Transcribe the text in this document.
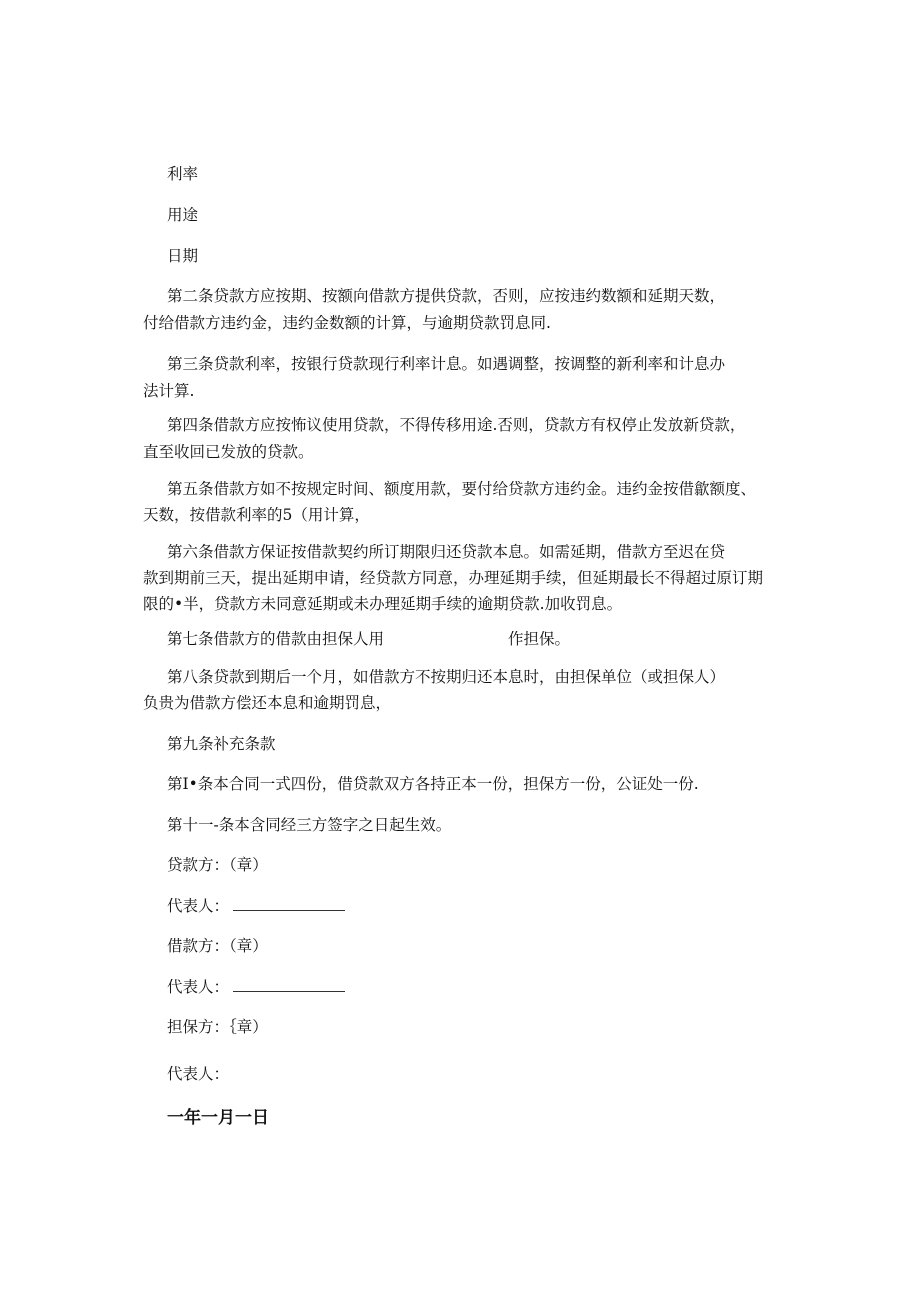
利率
用途
日期
第二条贷款方应按期、按额向借款方提供贷款，否则，应按违约数额和延期天数，
付给借款方违约金，违约金数额的计算，与逾期贷款罚息同.
第三条贷款利率，按银行贷款现行利率计息。如遇调整，按调整的新利率和计息办
法计算.
第四条借款方应按怖议使用贷款，不得传移用途.否则，贷款方有权停止发放新贷款，
直至收回已发放的贷款。
第五条借款方如不按规定时间、额度用款，要付给贷款方违约金。违约金按借歙额度、
天数，按借款利率的5（用计算，
第六条借款方保证按借款契约所订期限归还贷款本息。如需延期，借款方至迟在贷
款到期前三天，提出延期申请，经贷款方同意，办理延期手续，但延期最长不得超过原订期
限的•半，贷款方未同意延期或未办理延期手续的逾期贷款.加收罚息。
第七条借款方的借款由担保人用	作担保。
第八条贷款到期后一个月，如借款方不按期归还本息时，由担保单位（或担保人）
负贵为借款方偿还本息和逾期罚息，
第九条补充条款
第I•条本合同一式四份，借贷款双方各持正本一份，担保方一份，公证处一份.
第十一-条本含同经三方签字之日起生效。
贷款方：（章）
代表人：
借款方：（章）
代表人：
担保方：｛章）
代表人：
一年一月一日
